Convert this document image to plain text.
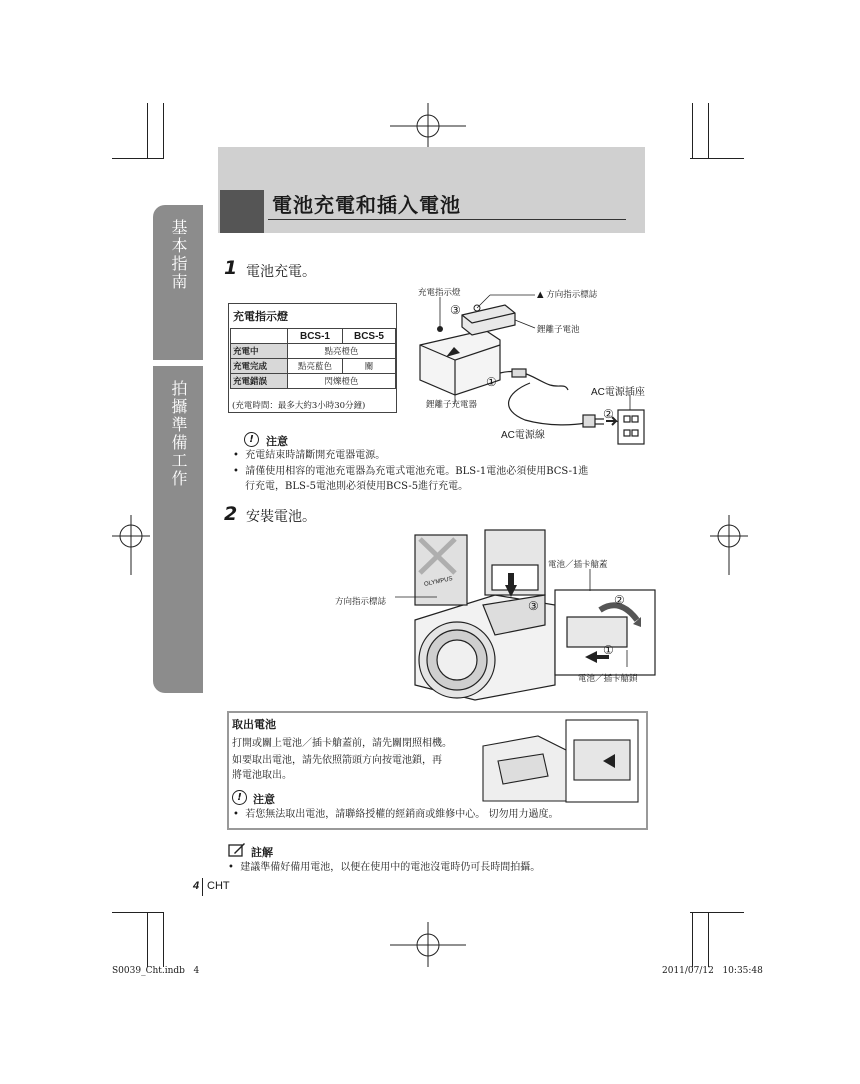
電池充電和插入電池
基本指南
拍攝準備工作
1 電池充電。
充電指示燈
	BCS-1	BCS-5
充電中	點亮橙色	
充電完成	點亮藍色	關
充電錯誤	閃爍橙色	
(充電時間：最多大約3小時30分鐘)
充電指示燈	▲ 方向指示標誌
鋰離子電池
AC電源插座
鋰離子充電器
AC電源線
③
①
②
!	注意
•  充電結束時請斷開充電器電源。
•  請僅使用相容的電池充電器為充電式電池充電。BLS-1電池必須使用BCS-1進
行充電，BLS-5電池則必須使用BCS-5進行充電。
2 安裝電池。
電池／插卡艙蓋
方向指示標誌
電池／插卡艙鎖
③	②
①
OLYMPUS
取出電池
打開或關上電池／插卡艙蓋前，請先關閉照相機。
如要取出電池，請先依照箭頭方向按電池鎖，再
將電池取出。
!	注意
•  若您無法取出電池，請聯絡授權的經銷商或維修中心。 切勿用力過度。
註解
•  建議準備好備用電池，以便在使用中的電池沒電時仍可長時間拍攝。
4 CHT
S0039_Cht.indb   4	2011/07/12   10:35:48
